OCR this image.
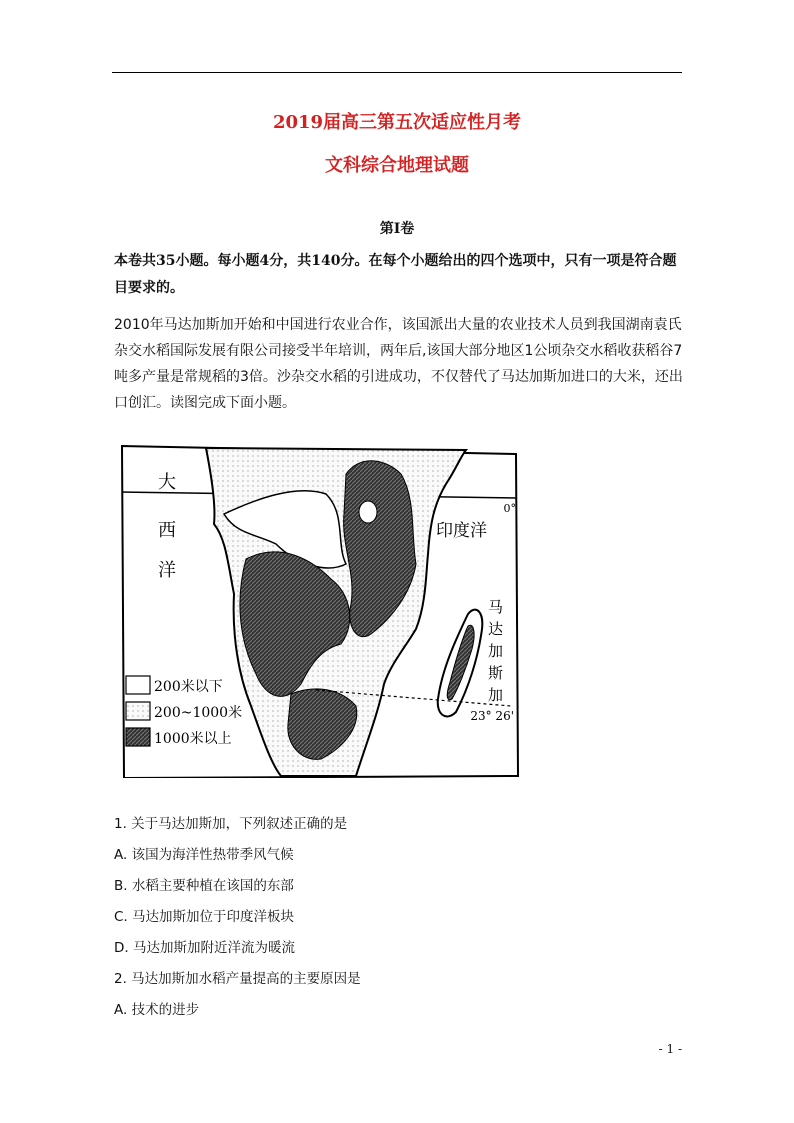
2019届高三第五次适应性月考
文科综合地理试题
第I卷
本卷共35小题。每小题4分，共140分。在每个小题给出的四个选项中，只有一项是符合题目要求的。
2010年马达加斯加开始和中国进行农业合作，该国派出大量的农业技术人员到我国湖南袁氏杂交水稻国际发展有限公司接受半年培训，两年后,该国大部分地区1公顷杂交水稻收获稻谷7吨多产量是常规稻的3倍。沙杂交水稻的引进成功，不仅替代了马达加斯加进口的大米，还出口创汇。读图完成下面小题。
大
西
洋
印度洋
0°
23° 26'
马
达
加
斯
加
200米以下
200~1000米
1000米以上
1. 关于马达加斯加，下列叙述正确的是
A. 该国为海洋性热带季风气候
B. 水稻主要种植在该国的东部
C. 马达加斯加位于印度洋板块
D. 马达加斯加附近洋流为暖流
2. 马达加斯加水稻产量提高的主要原因是
A. 技术的进步
- 1 -
